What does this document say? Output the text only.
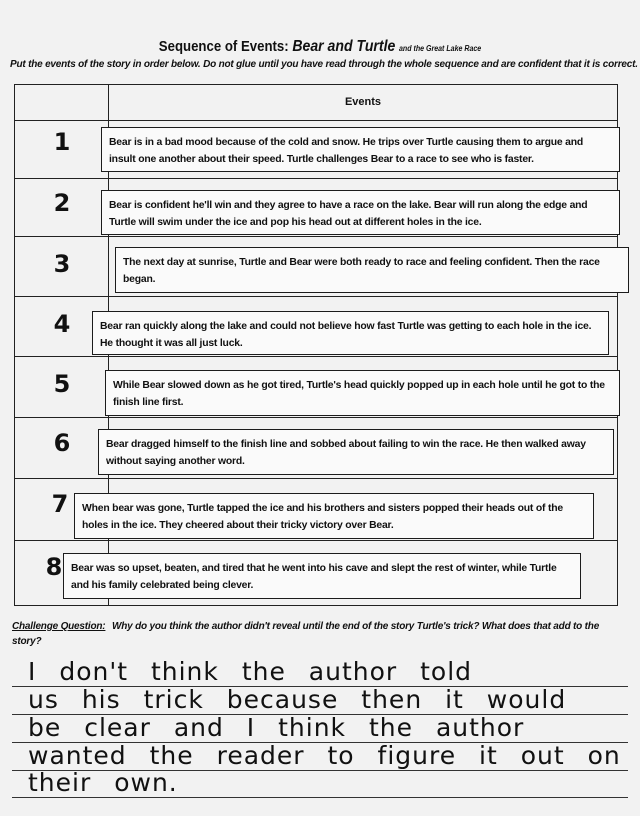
Sequence of Events: Bear and Turtle and the Great Lake Race
Put the events of the story in order below. Do not glue until you have read through the whole sequence and are confident that it is correct.
Events
1
2
3
4
5
6
7
8
Bear is in a bad mood because of the cold and snow. He trips over Turtle causing them to argue and insult one another about their speed. Turtle challenges Bear to a race to see who is faster.
Bear is confident he'll win and they agree to have a race on the lake. Bear will run along the edge and Turtle will swim under the ice and pop his head out at different holes in the ice.
The next day at sunrise, Turtle and Bear were both ready to race and feeling confident. Then the race began.
Bear ran quickly along the lake and could not believe how fast Turtle was getting to each hole in the ice. He thought it was all just luck.
While Bear slowed down as he got tired, Turtle's head quickly popped up in each hole until he got to the finish line first.
Bear dragged himself to the finish line and sobbed about failing to win the race. He then walked away without saying another word.
When bear was gone, Turtle tapped the ice and his brothers and sisters popped their heads out of the holes in the ice. They cheered about their tricky victory over Bear.
Bear was so upset, beaten, and tired that he went into his cave and slept the rest of winter, while Turtle and his family celebrated being clever.
Challenge Question: Why do you think the author didn't reveal until the end of the story Turtle's trick? What does that add to the story?
I don't think the author told
us his trick because then it would
be clear and I think the author
wanted the reader to figure it out on
their own.
